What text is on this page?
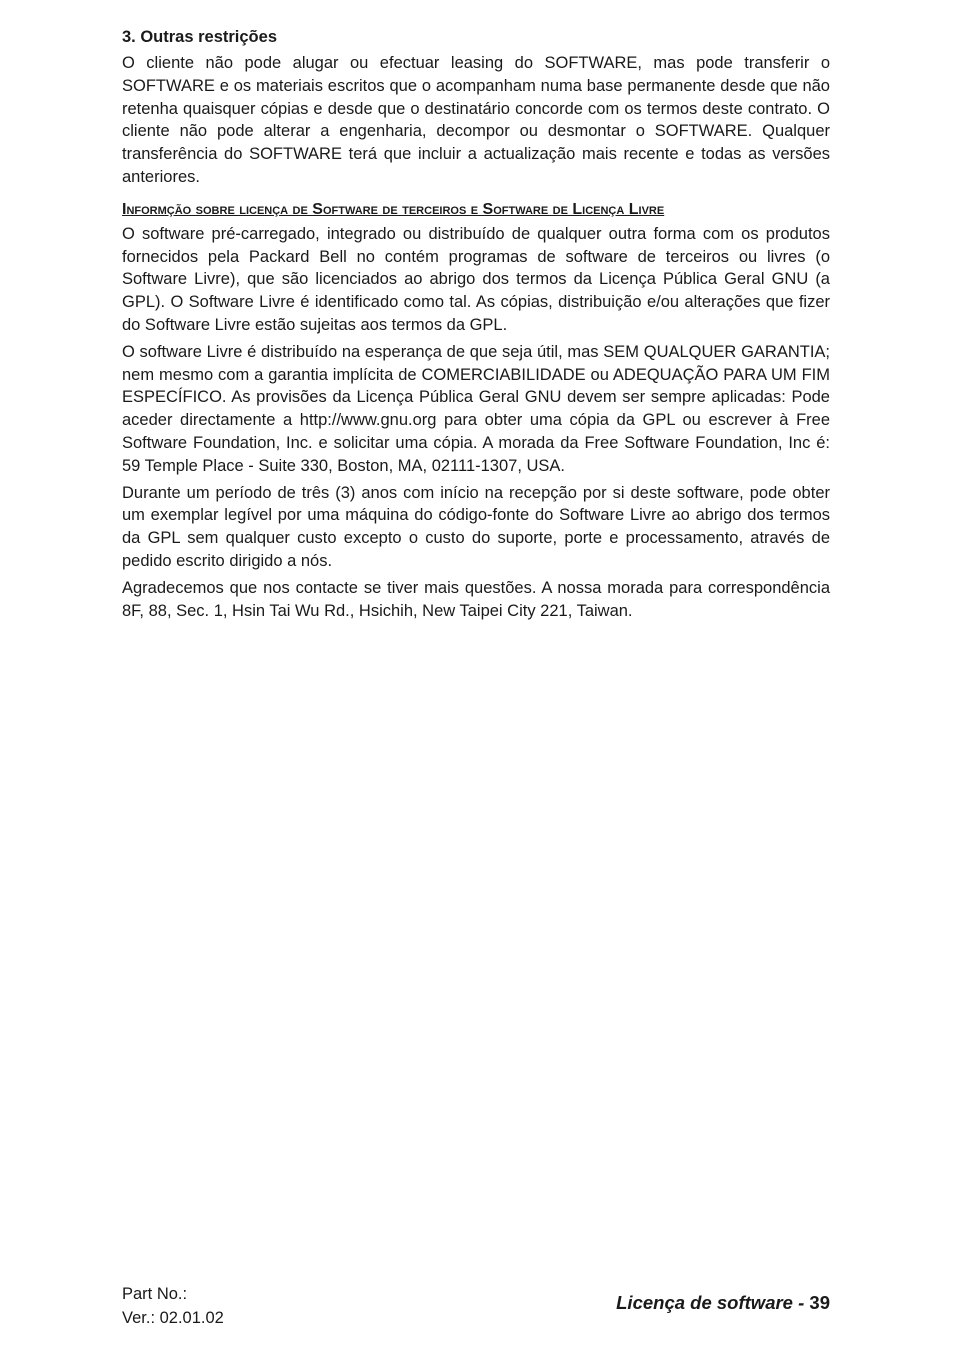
3. Outras restrições

O cliente não pode alugar ou efectuar leasing do SOFTWARE, mas pode transferir o SOFTWARE e os materiais escritos que o acompanham numa base permanente desde que não retenha quaisquer cópias e desde que o destinatário concorde com os termos deste contrato. O cliente não pode alterar a engenharia, decompor ou desmontar o SOFTWARE. Qualquer transferência do SOFTWARE terá que incluir a actualização mais recente e todas as versões anteriores.

Informção sobre licença de Software de terceiros e Software de Licença Livre

O software pré-carregado, integrado ou distribuído de qualquer outra forma com os produtos fornecidos pela Packard Bell no contém programas de software de terceiros ou livres (o Software Livre), que são licenciados ao abrigo dos termos da Licença Pública Geral GNU (a GPL). O Software Livre é identificado como tal. As cópias, distribuição e/ou alterações que fizer do Software Livre estão sujeitas aos termos da GPL.

O software Livre é distribuído na esperança de que seja útil, mas SEM QUALQUER GARANTIA; nem mesmo com a garantia implícita de COMERCIABILIDADE ou ADEQUAÇÃO PARA UM FIM ESPECÍFICO. As provisões da Licença Pública Geral GNU devem ser sempre aplicadas: Pode aceder directamente a http://www.gnu.org para obter uma cópia da GPL ou escrever à Free Software Foundation, Inc. e solicitar uma cópia. A morada da Free Software Foundation, Inc é: 59 Temple Place - Suite 330, Boston, MA, 02111-1307, USA.

Durante um período de três (3) anos com início na recepção por si deste software, pode obter um exemplar legível por uma máquina do código-fonte do Software Livre ao abrigo dos termos da GPL sem qualquer custo excepto o custo do suporte, porte e processamento, através de pedido escrito dirigido a nós.

Agradecemos que nos contacte se tiver mais questões. A nossa morada para correspondência 8F, 88, Sec. 1, Hsin Tai Wu Rd., Hsichih, New Taipei City 221, Taiwan.

Part No.:
Ver.: 02.01.02
Licença de software - 39
